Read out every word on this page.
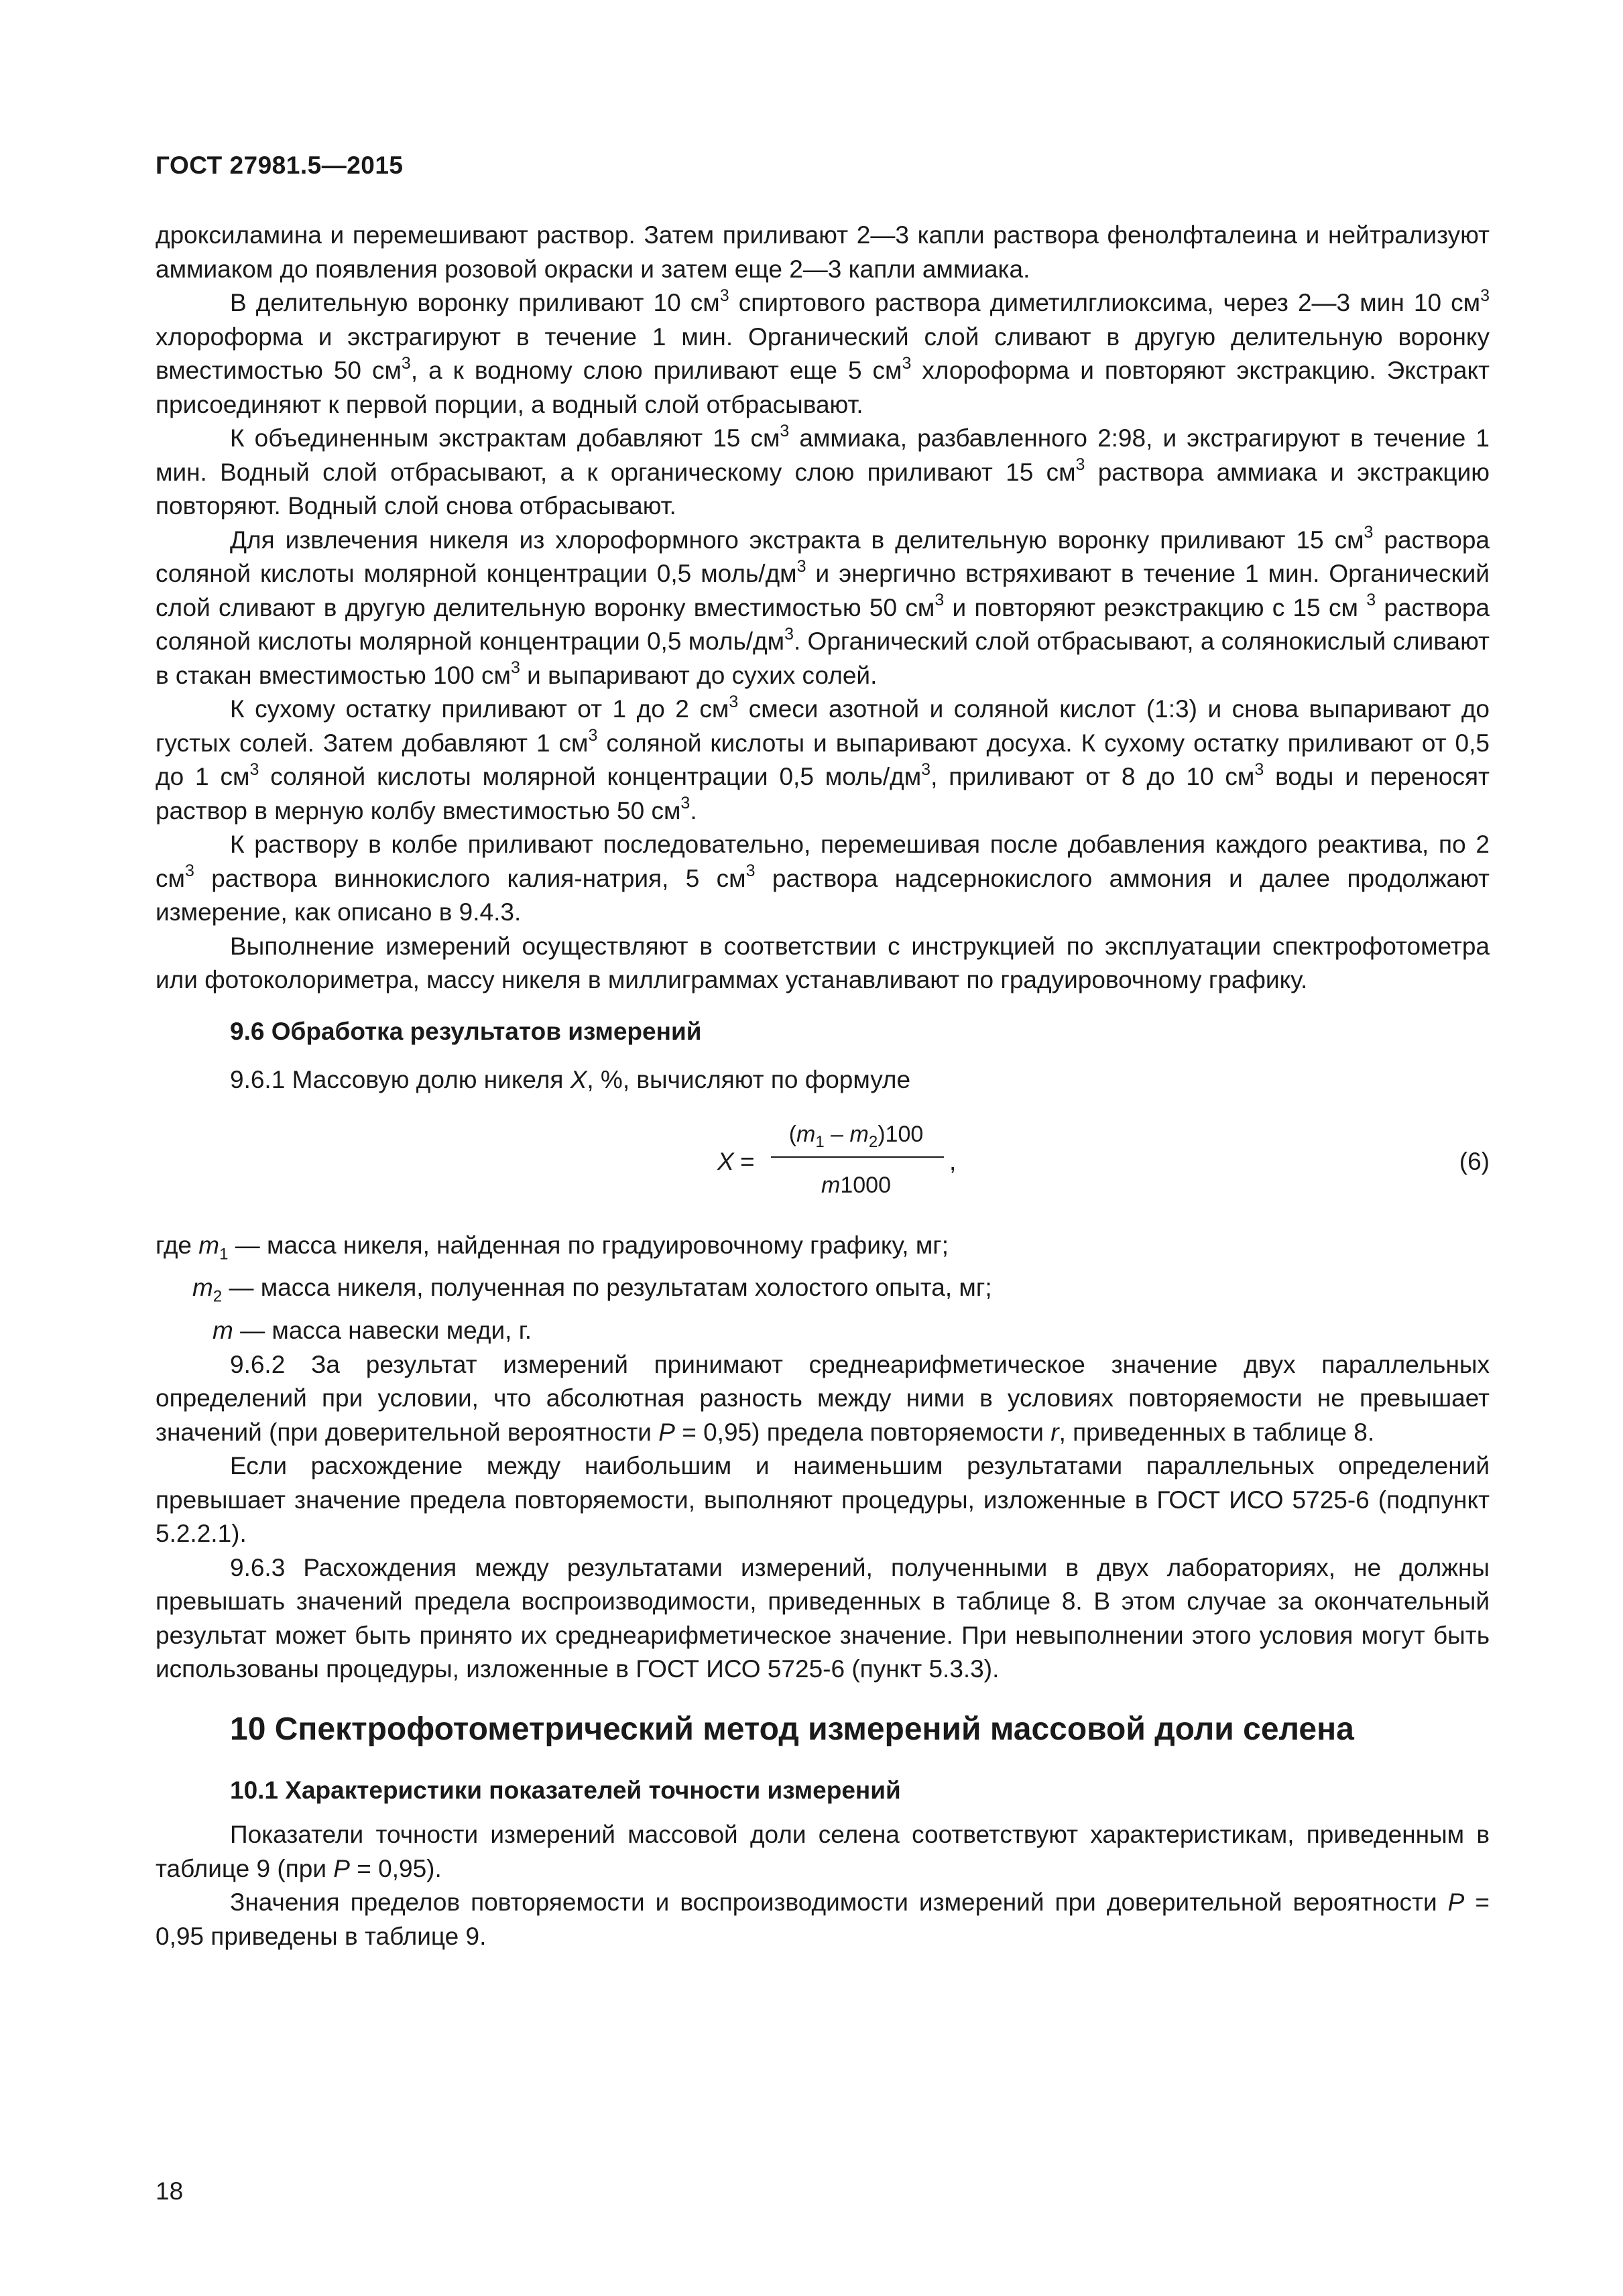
ГОСТ 27981.5—2015

дроксиламина и перемешивают раствор. Затем приливают 2—3 капли раствора фенолфталеина и нейтрализуют аммиаком до появления розовой окраски и затем еще 2—3 капли аммиака.

В делительную воронку приливают 10 $см^3$ спиртового раствора диметилглиоксима, через 2—3 мин 10 $см^3$ хлороформа и экстрагируют в течение 1 мин. Органический слой сливают в другую делительную воронку вместимостью 50 $см^3$, а к водному слою приливают еще 5 $см^3$ хлороформа и повторяют экстракцию. Экстракт присоединяют к первой порции, а водный слой отбрасывают.

К объединенным экстрактам добавляют 15 $см^3$ аммиака, разбавленного 2:98, и экстрагируют в течение 1 мин. Водный слой отбрасывают, а к органическому слою приливают 15 $см^3$ раствора аммиака и экстракцию повторяют. Водный слой снова отбрасывают.

Для извлечения никеля из хлороформного экстракта в делительную воронку приливают 15 $см^3$ раствора соляной кислоты молярной концентрации 0,5 моль/$дм^3$ и энергично встряхивают в течение 1 мин. Органический слой сливают в другую делительную воронку вместимостью 50 $см^3$ и повторяют реэкстракцию с 15 см $^3$ раствора соляной кислоты молярной концентрации 0,5 моль/$дм^3$. Органический слой отбрасывают, а солянокислый сливают в стакан вместимостью 100 $см^3$ и выпаривают до сухих солей.

К сухому остатку приливают от 1 до 2 $см^3$ смеси азотной и соляной кислот (1:3) и снова выпаривают до густых солей. Затем добавляют 1 $см^3$ соляной кислоты и выпаривают досуха. К сухому остатку приливают от 0,5 до 1 $см^3$ соляной кислоты молярной концентрации 0,5 моль/$дм^3$, приливают от 8 до 10 $см^3$ воды и переносят раствор в мерную колбу вместимостью 50 $см^3$.

К раствору в колбе приливают последовательно, перемешивая после добавления каждого реактива, по 2 $см^3$ раствора виннокислого калия-натрия, 5 $см^3$ раствора надсернокислого аммония и далее продолжают измерение, как описано в 9.4.3.

Выполнение измерений осуществляют в соответствии с инструкцией по эксплуатации спектрофотометра или фотоколориметра, массу никеля в миллиграммах устанавливают по градуировочному графику.

9.6 Обработка результатов измерений

9.6.1 Массовую долю никеля X, %, вычисляют по формуле

X =
$(m_1 - m_2)100$
m1000
,	(6)

где $m_1$ — масса никеля, найденная по градуировочному графику, мг;

$m_2$ — масса никеля, полученная по результатам холостого опыта, мг;

m — масса навески меди, г.

9.6.2 За результат измерений принимают среднеарифметическое значение двух параллельных определений при условии, что абсолютная разность между ними в условиях повторяемости не превышает значений (при доверительной вероятности P = 0,95) предела повторяемости r, приведенных в таблице 8.

Если расхождение между наибольшим и наименьшим результатами параллельных определений превышает значение предела повторяемости, выполняют процедуры, изложенные в ГОСТ ИСО 5725-6 (подпункт 5.2.2.1).

9.6.3 Расхождения между результатами измерений, полученными в двух лабораториях, не должны превышать значений предела воспроизводимости, приведенных в таблице 8. В этом случае за окончательный результат может быть принято их среднеарифметическое значение. При невыполнении этого условия могут быть использованы процедуры, изложенные в ГОСТ ИСО 5725-6 (пункт 5.3.3).

10 Спектрофотометрический метод измерений массовой доли селена

10.1 Характеристики показателей точности измерений

Показатели точности измерений массовой доли селена соответствуют характеристикам, приведенным в таблице 9 (при P = 0,95).

Значения пределов повторяемости и воспроизводимости измерений при доверительной вероятности P = 0,95 приведены в таблице 9.

18
